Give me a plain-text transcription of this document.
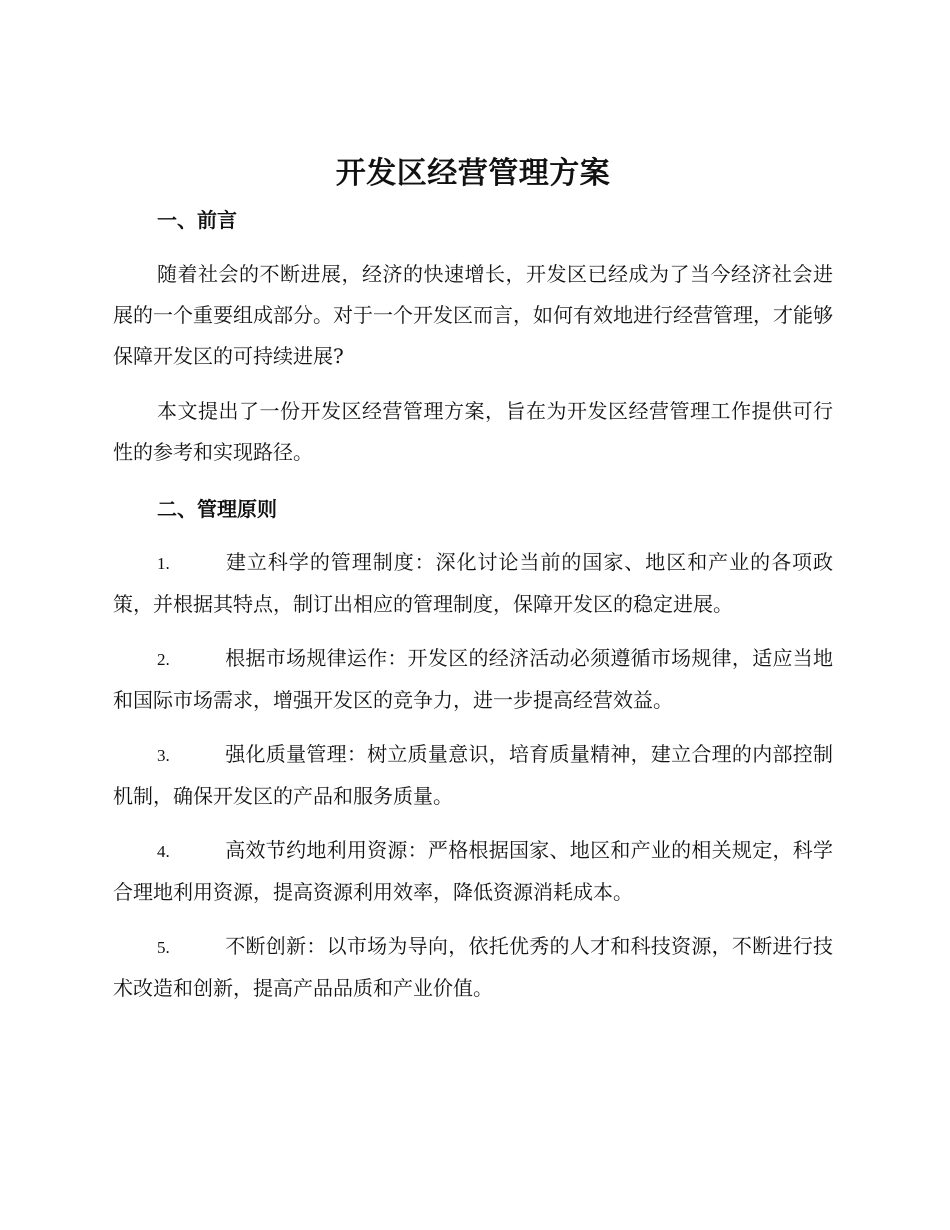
开发区经营管理方案
一、前言

随着社会的不断进展，经济的快速增长，开发区已经成为了当今经济社会进展的一个重要组成部分。对于一个开发区而言，如何有效地进行经营管理，才能够保障开发区的可持续进展?

本文提出了一份开发区经营管理方案，旨在为开发区经营管理工作提供可行性的参考和实现路径。

二、管理原则
1.	建立科学的管理制度：深化讨论当前的国家、地区和产业的各项政策，并根据其特点，制订出相应的管理制度，保障开发区的稳定进展。
2.	根据市场规律运作：开发区的经济活动必须遵循市场规律，适应当地和国际市场需求，增强开发区的竞争力，进一步提高经营效益。
3.	强化质量管理：树立质量意识，培育质量精神，建立合理的内部控制机制，确保开发区的产品和服务质量。
4.	高效节约地利用资源：严格根据国家、地区和产业的相关规定，科学合理地利用资源，提高资源利用效率，降低资源消耗成本。
5.	不断创新：以市场为导向，依托优秀的人才和科技资源，不断进行技术改造和创新，提高产品品质和产业价值。
